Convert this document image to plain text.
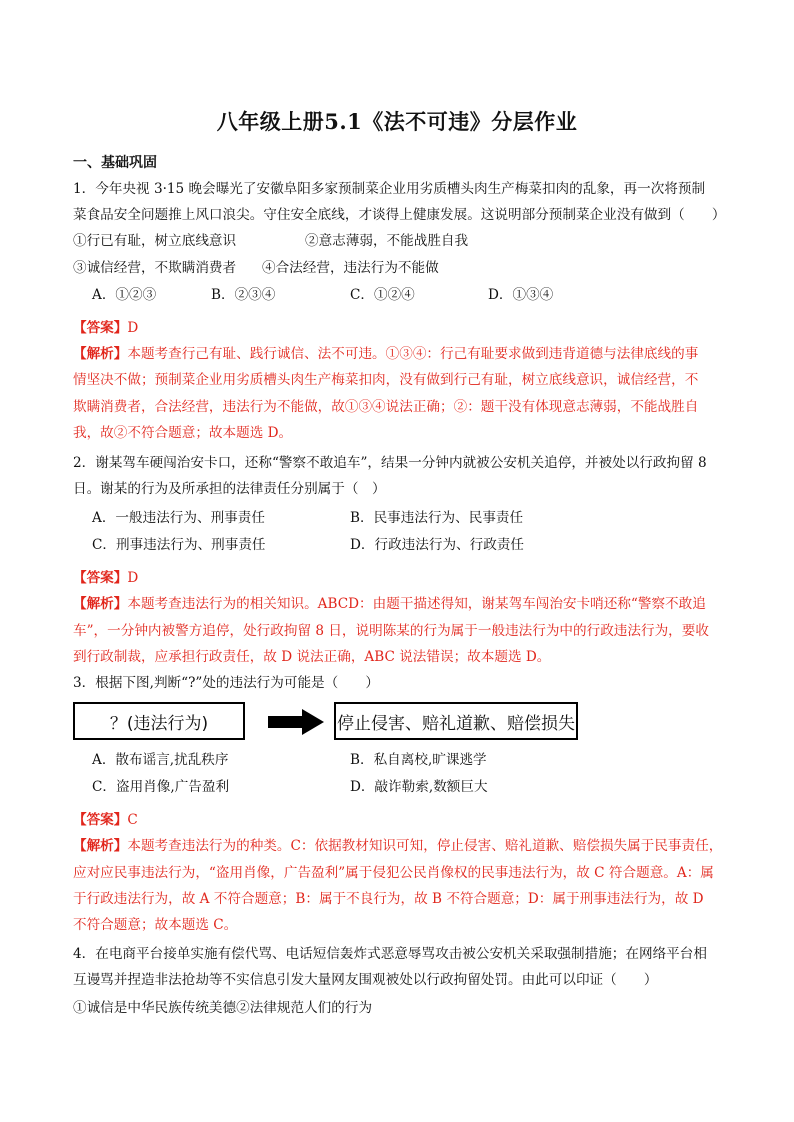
八年级上册5.1《法不可违》分层作业
一、基础巩固
1．今年央视 3·15 晚会曝光了安徽阜阳多家预制菜企业用劣质槽头肉生产梅菜扣肉的乱象，再一次将预制
菜食品安全问题推上风口浪尖。守住安全底线，才谈得上健康发展。这说明部分预制菜企业没有做到（　　）
①行已有耻，树立底线意识	②意志薄弱，不能战胜自我
③诚信经营，不欺瞒消费者 ④合法经营，违法行为不能做
A．①②③	B．②③④	C．①②④	D．①③④
【答案】D
【解析】本题考查行己有耻、践行诚信、法不可违。①③④：行己有耻要求做到违背道德与法律底线的事
情坚决不做；预制菜企业用劣质槽头肉生产梅菜扣肉，没有做到行己有耻，树立底线意识，诚信经营，不
欺瞒消费者，合法经营，违法行为不能做，故①③④说法正确；②：题干没有体现意志薄弱，不能战胜自
我，故②不符合题意；故本题选 D。
2．谢某驾车硬闯治安卡口，还称“警察不敢追车”，结果一分钟内就被公安机关追停，并被处以行政拘留 8
日。谢某的行为及所承担的法律责任分别属于（　）
A．一般违法行为、刑事责任	B．民事违法行为、民事责任
C．刑事违法行为、刑事责任	D．行政违法行为、行政责任
【答案】D
【解析】本题考查违法行为的相关知识。ABCD：由题干描述得知，谢某驾车闯治安卡哨还称“警察不敢追
车”，一分钟内被警方追停，处行政拘留 8 日，说明陈某的行为属于一般违法行为中的行政违法行为，要收
到行政制裁，应承担行政责任，故 D 说法正确，ABC 说法错误；故本题选 D。
3．根据下图,判断“?”处的违法行为可能是（　　）
？(违法行为)	停止侵害、赔礼道歉、赔偿损失
A．散布谣言,扰乱秩序	B．私自离校,旷课逃学
C．盗用肖像,广告盈利	D．敲诈勒索,数额巨大
【答案】C
【解析】本题考查违法行为的种类。C：依据教材知识可知，停止侵害、赔礼道歉、赔偿损失属于民事责任，
应对应民事违法行为，“盗用肖像，广告盈利”属于侵犯公民肖像权的民事违法行为，故 C 符合题意。A：属
于行政违法行为，故 A 不符合题意；B：属于不良行为，故 B 不符合题意；D：属于刑事违法行为，故 D
不符合题意；故本题选 C。
4．在电商平台接单实施有偿代骂、电话短信轰炸式恶意辱骂攻击被公安机关采取强制措施；在网络平台相
互谩骂并捏造非法抢劫等不实信息引发大量网友围观被处以行政拘留处罚。由此可以印证（　　）
①诚信是中华民族传统美德②法律规范人们的行为
